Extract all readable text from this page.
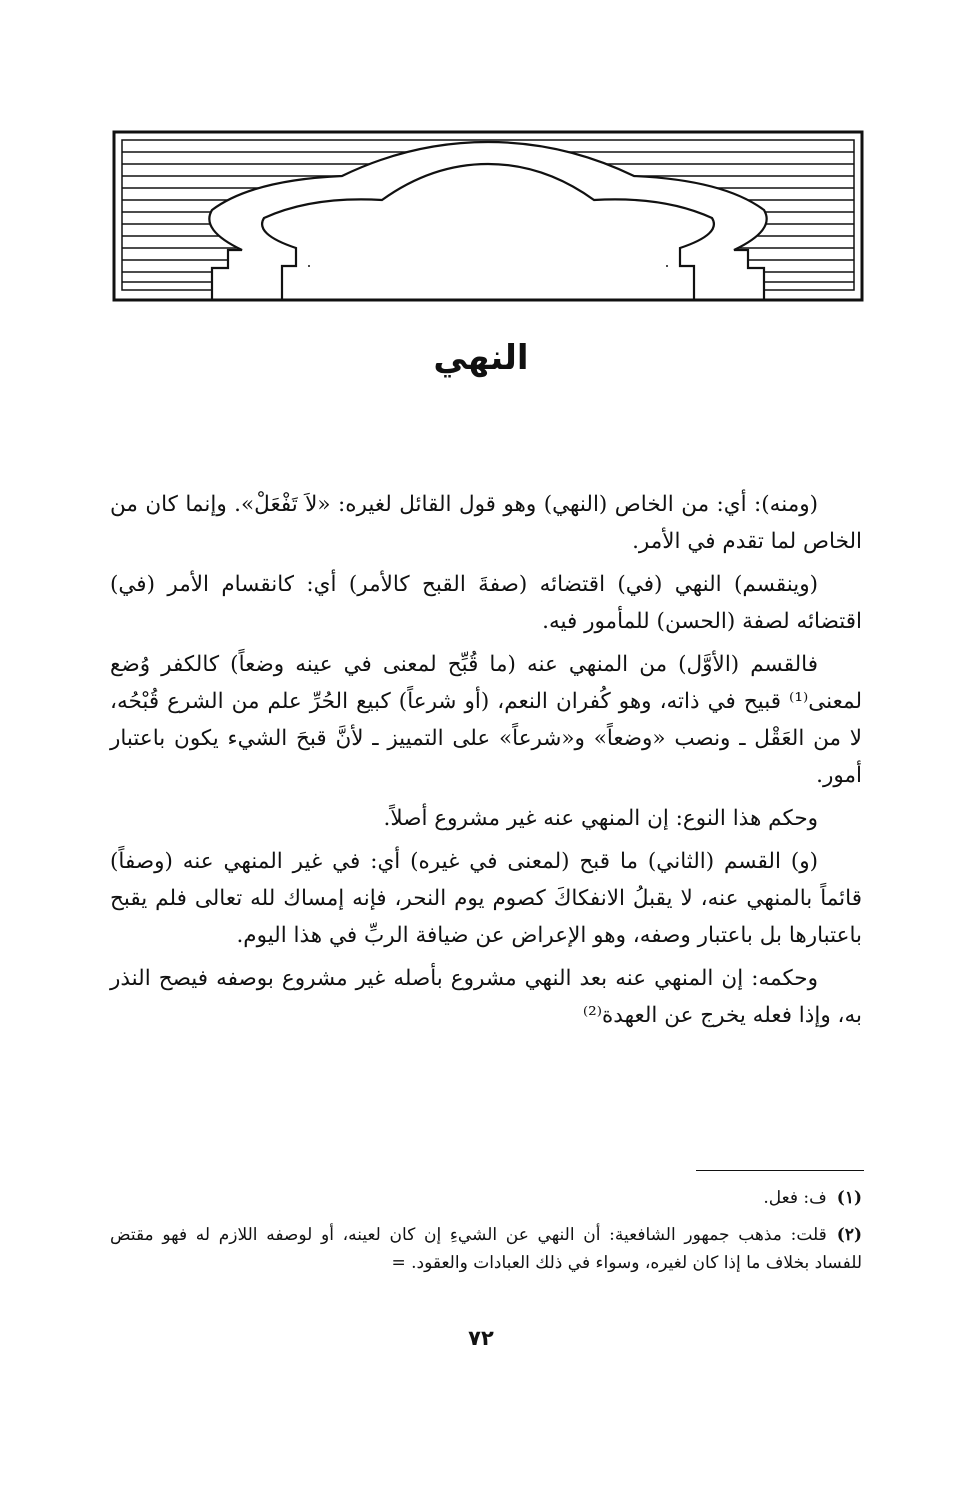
النهي

(ومنه): أي: من الخاص (النهي) وهو قول القائل لغيره: «لاَ تَفْعَلْ». وإنما كان من الخاص لما تقدم في الأمر.

(وينقسم) النهي (في) اقتضائه (صفةَ القبح كالأمر) أي: كانقسام الأمر (في) اقتضائه لصفة (الحسن) للمأمور فيه.

فالقسم (الأوَّل) من المنهي عنه (ما قُبِّح لمعنى في عينه وضعاً) كالكفر وُضع لمعنى⁽¹⁾ قبيح في ذاته، وهو كُفران النعم، (أو شرعاً) كبيع الحُرِّ علم من الشرع قُبْحُه، لا من العَقْل ـ ونصب «وضعاً» و«شرعاً» على التمييز ـ لأنَّ قبحَ الشيء يكون باعتبار أمور.

وحكم هذا النوع: إن المنهي عنه غير مشروع أصلاً.

(و) القسم (الثاني) ما قبح (لمعنى في غيره) أي: في غير المنهي عنه (وصفاً) قائماً بالمنهي عنه، لا يقبلُ الانفكاكَ كصوم يوم النحر، فإنه إمساك لله تعالى فلم يقبح باعتبارها بل باعتبار وصفه، وهو الإعراض عن ضيافة الربِّ في هذا اليوم.

وحكمه: إن المنهي عنه بعد النهي مشروع بأصله غير مشروع بوصفه فيصح النذر به، وإذا فعله يخرج عن العهدة⁽²⁾

(١)ف: فعل.
(٢)قلت: مذهب جمهور الشافعية: أن النهي عن الشيءِ إن كان لعينه، أو لوصفه اللازم له فهو مقتض للفساد بخلاف ما إذا كان لغيره، وسواء في ذلك العبادات والعقود. =
٧٢
